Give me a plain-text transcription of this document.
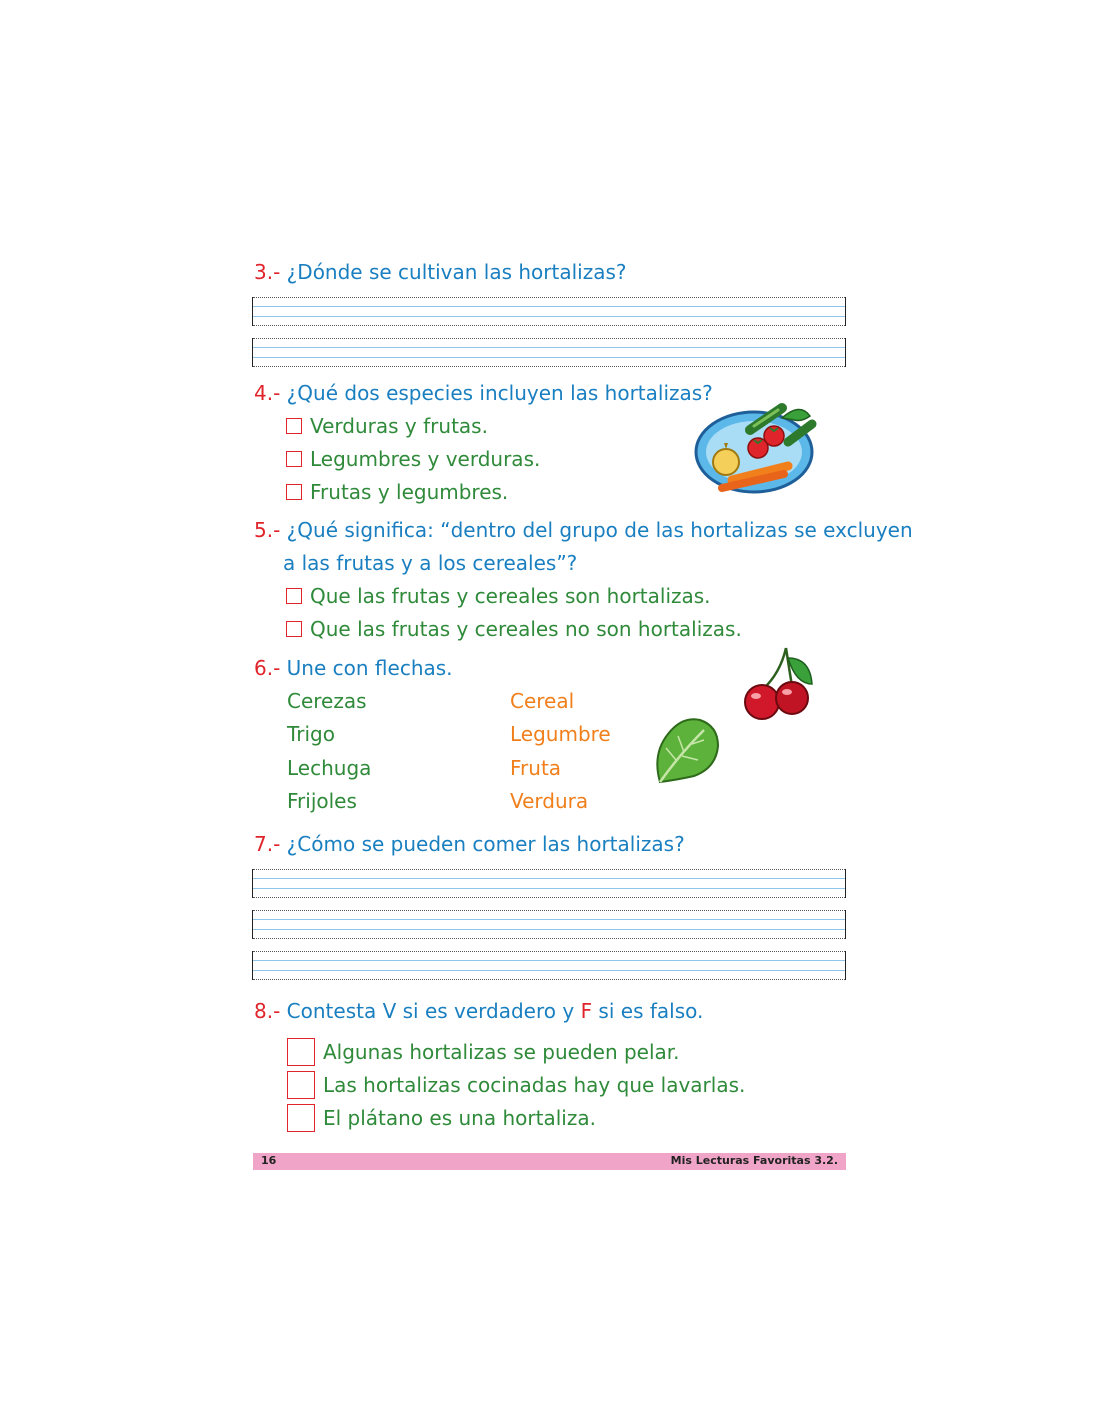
3.- ¿Dónde se cultivan las hortalizas?
4.- ¿Qué dos especies incluyen las hortalizas?
Verduras y frutas.
Legumbres y verduras.
Frutas y legumbres.
5.- ¿Qué significa: “dentro del grupo de las hortalizas se excluyen
a las frutas y a los cereales”?
Que las frutas y cereales son hortalizas.
Que las frutas y cereales no son hortalizas.
6.- Une con flechas.
Cerezas
Trigo
Lechuga
Frijoles
Cereal
Legumbre
Fruta
Verdura
7.- ¿Cómo se pueden comer las hortalizas?
8.- Contesta V si es verdadero y F si es falso.
Algunas hortalizas se pueden pelar.
Las hortalizas cocinadas hay que lavarlas.
El plátano es una hortaliza.
16	Mis Lecturas Favoritas 3.2.
